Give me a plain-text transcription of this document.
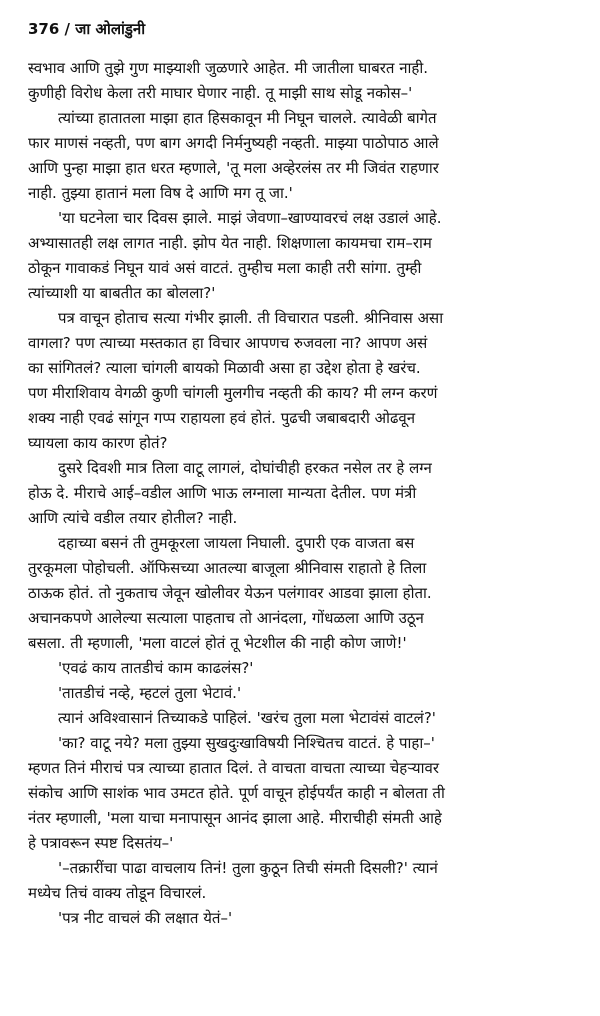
376 / जा ओलांडुनी
स्वभाव आणि तुझे गुण माझ्याशी जुळणारे आहेत. मी जातीला घाबरत नाही.
कुणीही विरोध केला तरी माघार घेणार नाही. तू माझी साथ सोडू नकोस–'
त्यांच्या हातातला माझा हात हिसकावून मी निघून चालले. त्यावेळी बागेत
फार माणसं नव्हती, पण बाग अगदी निर्मनुष्यही नव्हती. माझ्या पाठोपाठ आले
आणि पुन्हा माझा हात धरत म्हणाले, 'तू मला अव्हेरलंस तर मी जिवंत राहणार
नाही. तुझ्या हातानं मला विष दे आणि मग तू जा.'
'या घटनेला चार दिवस झाले. माझं जेवणा–खाण्यावरचं लक्ष उडालं आहे.
अभ्यासातही लक्ष लागत नाही. झोप येत नाही. शिक्षणाला कायमचा राम–राम
ठोकून गावाकडं निघून यावं असं वाटतं. तुम्हीच मला काही तरी सांगा. तुम्ही
त्यांच्याशी या बाबतीत का बोलला?'
पत्र वाचून होताच सत्या गंभीर झाली. ती विचारात पडली. श्रीनिवास असा
वागला? पण त्याच्या मस्तकात हा विचार आपणच रुजवला ना? आपण असं
का सांगितलं? त्याला चांगली बायको मिळावी असा हा उद्देश होता हे खरंच.
पण मीराशिवाय वेगळी कुणी चांगली मुलगीच नव्हती की काय? मी लग्न करणं
शक्य नाही एवढं सांगून गप्प राहायला हवं होतं. पुढची जबाबदारी ओढवून
घ्यायला काय कारण होतं?
दुसरे दिवशी मात्र तिला वाटू लागलं, दोघांचीही हरकत नसेल तर हे लग्न
होऊ दे. मीराचे आई–वडील आणि भाऊ लग्नाला मान्यता देतील. पण मंत्री
आणि त्यांचे वडील तयार होतील? नाही.
दहाच्या बसनं ती तुमकूरला जायला निघाली. दुपारी एक वाजता बस
तुरकूमला पोहोचली. ऑफिसच्या आतल्या बाजूला श्रीनिवास राहातो हे तिला
ठाऊक होतं. तो नुकताच जेवून खोलीवर येऊन पलंगावर आडवा झाला होता.
अचानकपणे आलेल्या सत्याला पाहताच तो आनंदला, गोंधळला आणि उठून
बसला. ती म्हणाली, 'मला वाटलं होतं तू भेटशील की नाही कोण जाणे!'
'एवढं काय तातडीचं काम काढलंस?'
'तातडीचं नव्हे, म्हटलं तुला भेटावं.'
त्यानं अविश्वासानं तिच्याकडे पाहिलं. 'खरंच तुला मला भेटावंसं वाटलं?'
'का? वाटू नये? मला तुझ्या सुखदुःखाविषयी निश्चितच वाटतं. हे पाहा–'
म्हणत तिनं मीराचं पत्र त्याच्या हातात दिलं. ते वाचता वाचता त्याच्या चेहऱ्यावर
संकोच आणि साशंक भाव उमटत होते. पूर्ण वाचून होईपर्यंत काही न बोलता ती
नंतर म्हणाली, 'मला याचा मनापासून आनंद झाला आहे. मीराचीही संमती आहे
हे पत्रावरून स्पष्ट दिसतंय–'
'–तक्रारींचा पाढा वाचलाय तिनं! तुला कुठून तिची संमती दिसली?' त्यानं
मध्येच तिचं वाक्य तोडून विचारलं.
'पत्र नीट वाचलं की लक्षात येतं–'
